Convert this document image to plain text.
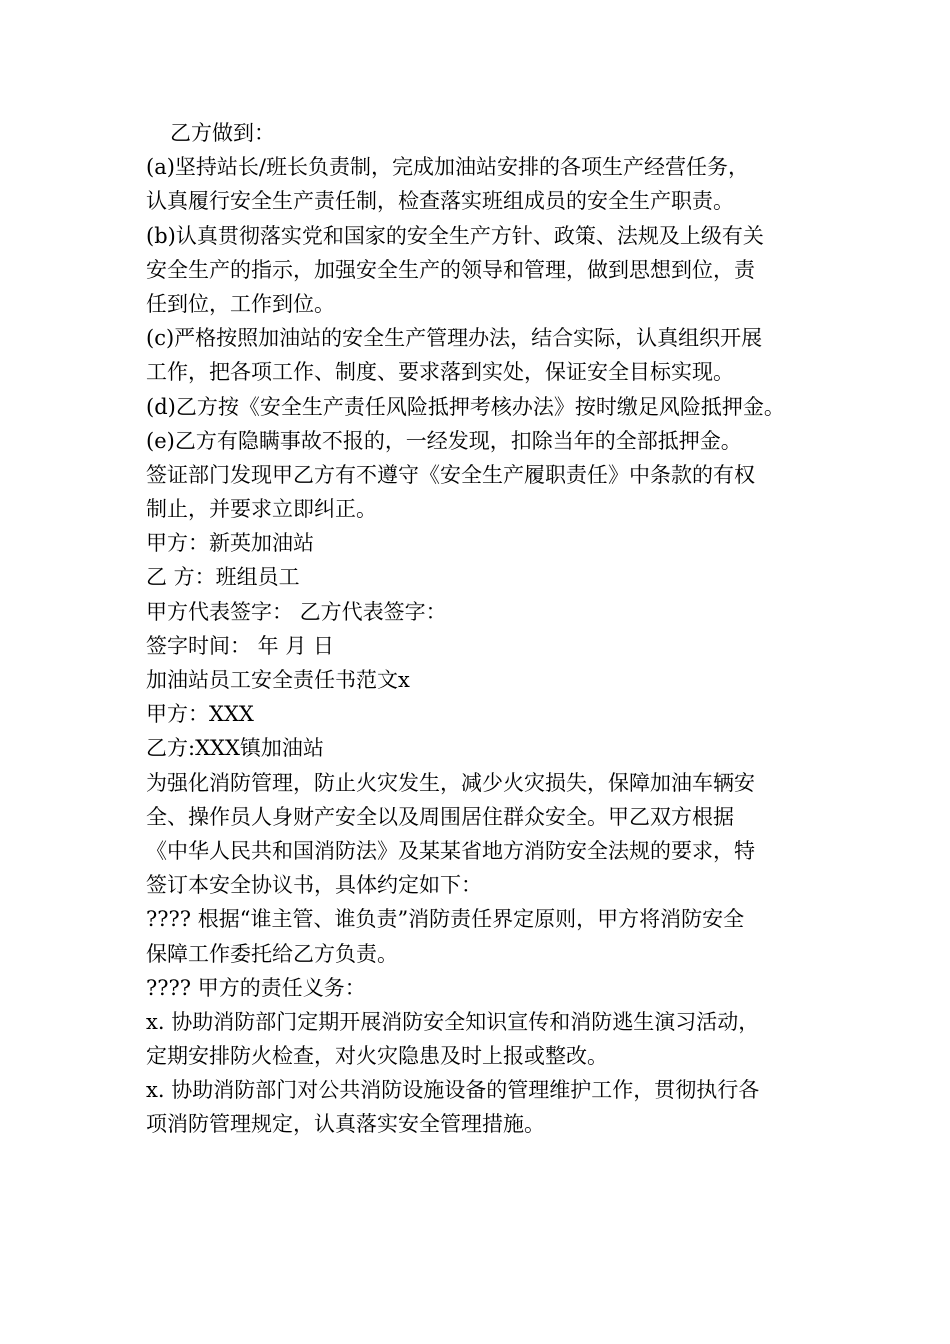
乙方做到：
(a)坚持站长/班长负责制，完成加油站安排的各项生产经营任务，
认真履行安全生产责任制，检查落实班组成员的安全生产职责。
(b)认真贯彻落实党和国家的安全生产方针、政策、法规及上级有关
安全生产的指示，加强安全生产的领导和管理，做到思想到位，责
任到位，工作到位。
(c)严格按照加油站的安全生产管理办法，结合实际，认真组织开展
工作，把各项工作、制度、要求落到实处，保证安全目标实现。
(d)乙方按《安全生产责任风险抵押考核办法》按时缴足风险抵押金。
(e)乙方有隐瞒事故不报的，一经发现，扣除当年的全部抵押金。
签证部门发现甲乙方有不遵守《安全生产履职责任》中条款的有权
制止，并要求立即纠正。
甲方：新英加油站
乙 方：班组员工
甲方代表签字： 乙方代表签字：
签字时间： 年 月 日
加油站员工安全责任书范文x
甲方：XXX
乙方:XXX镇加油站
为强化消防管理，防止火灾发生，减少火灾损失，保障加油车辆安
全、操作员人身财产安全以及周围居住群众安全。甲乙双方根据
《中华人民共和国消防法》及某某省地方消防安全法规的要求，特
签订本安全协议书，具体约定如下：
???? 根据“谁主管、谁负责”消防责任界定原则，甲方将消防安全
保障工作委托给乙方负责。
???? 甲方的责任义务：
x. 协助消防部门定期开展消防安全知识宣传和消防逃生演习活动，
定期安排防火检查，对火灾隐患及时上报或整改。
x. 协助消防部门对公共消防设施设备的管理维护工作，贯彻执行各
项消防管理规定，认真落实安全管理措施。
